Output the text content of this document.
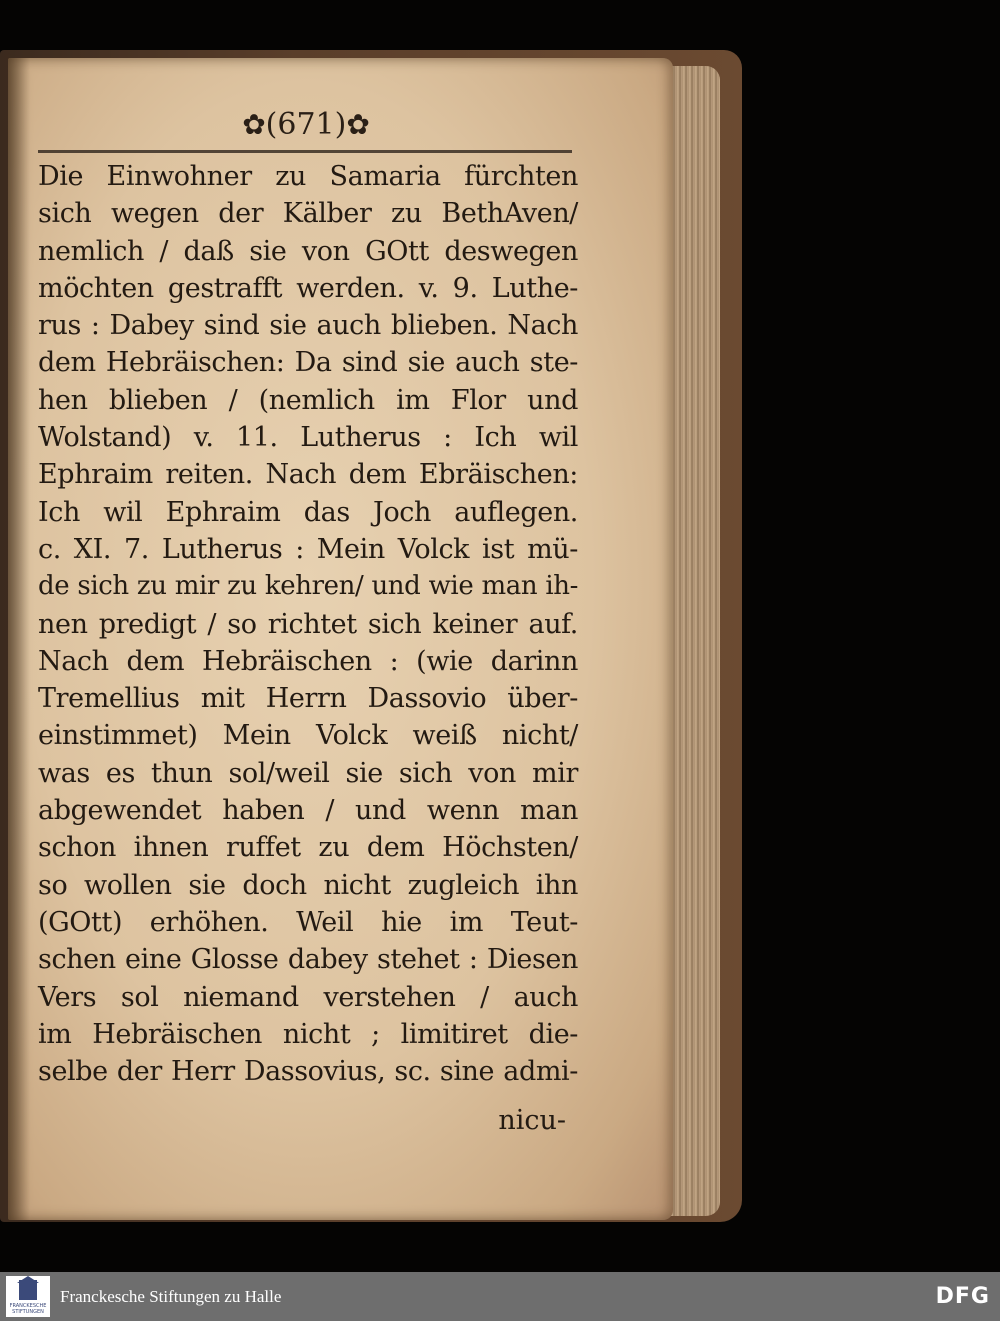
✿(671)✿
Die Einwohner zu Samaria fürchten
sich wegen der Kälber zu BethAven/
nemlich / daß sie von GOtt deswegen
möchten gestrafft werden. v. 9. Luthe-
rus : Dabey sind sie auch blieben. Nach
dem Hebräischen: Da sind sie auch ste-
hen blieben / (nemlich im Flor und
Wolstand) v. 11. Lutherus : Ich wil
Ephraim reiten. Nach dem Ebräischen:
Ich wil Ephraim das Joch auflegen.
c. XI. 7. Lutherus : Mein Volck ist mü-
de sich zu mir zu kehren/ und wie man ih-
nen predigt / so richtet sich keiner auf.
Nach dem Hebräischen : (wie darinn
Tremellius mit Herrn Dassovio über-
einstimmet) Mein Volck weiß nicht/
was es thun sol/weil sie sich von mir
abgewendet haben / und wenn man
schon ihnen ruffet zu dem Höchsten/
so wollen sie doch nicht zugleich ihn
(GOtt) erhöhen. Weil hie im Teut-
schen eine Glosse dabey stehet : Diesen
Vers sol niemand verstehen / auch
im Hebräischen nicht ; limitiret die-
selbe der Herr Dassovius, sc. sine admi-
nicu-
FRANCKESCHE
STIFTUNGEN
Franckesche Stiftungen zu Halle	DFG
